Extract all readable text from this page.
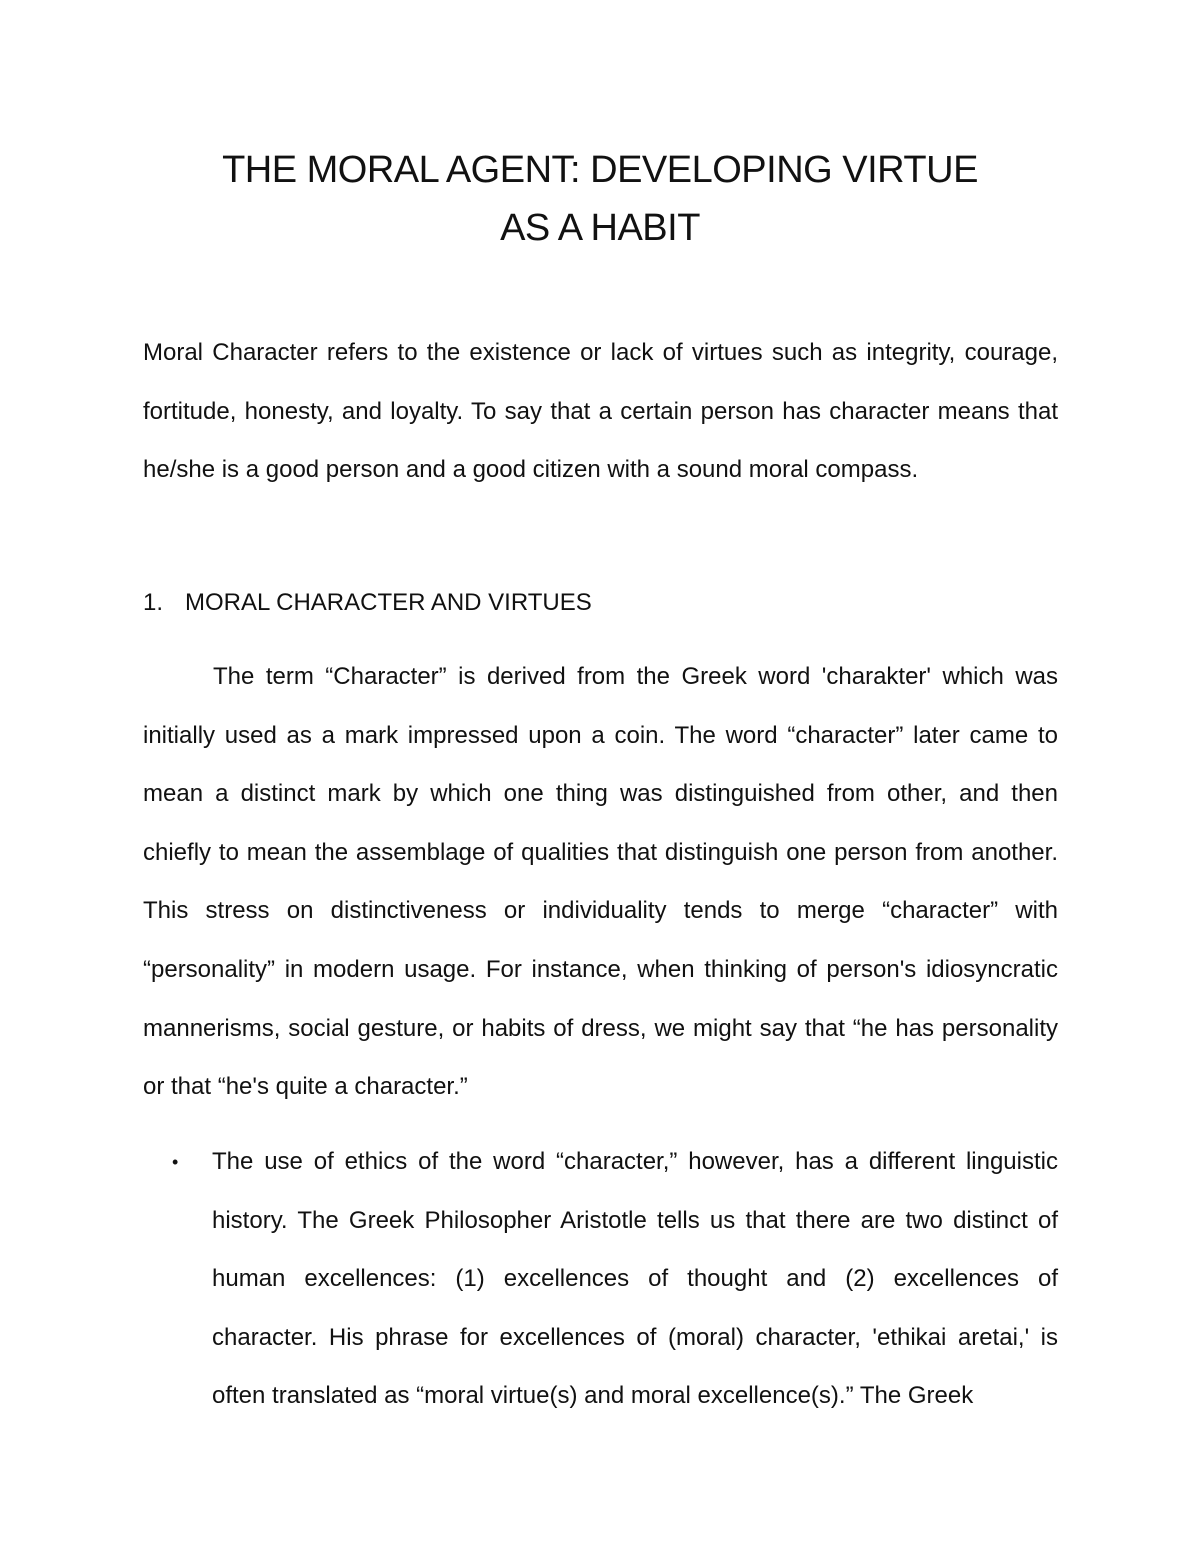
THE MORAL AGENT: DEVELOPING VIRTUE
AS A HABIT

Moral Character refers to the existence or lack of virtues such as integrity, courage, fortitude, honesty, and loyalty. To say that a certain person has character means that he/she is a good person and a good citizen with a sound moral compass.

1. MORAL CHARACTER AND VIRTUES

The term “Character” is derived from the Greek word 'charakter' which was initially used as a mark impressed upon a coin. The word “character” later came to mean a distinct mark by which one thing was distinguished from other, and then chiefly to mean the assemblage of qualities that distinguish one person from another. This stress on distinctiveness or individuality tends to merge “character” with “personality” in modern usage. For instance, when thinking of person's idiosyncratic mannerisms, social gesture, or habits of dress, we might say that “he has personality or that “he's quite a character.”

• The use of ethics of the word “character,” however, has a different linguistic history. The Greek Philosopher Aristotle tells us that there are two distinct of human excellences: (1) excellences of thought and (2) excellences of character. His phrase for excellences of (moral) character, 'ethikai aretai,' is often translated as “moral virtue(s) and moral excellence(s).” The Greek
